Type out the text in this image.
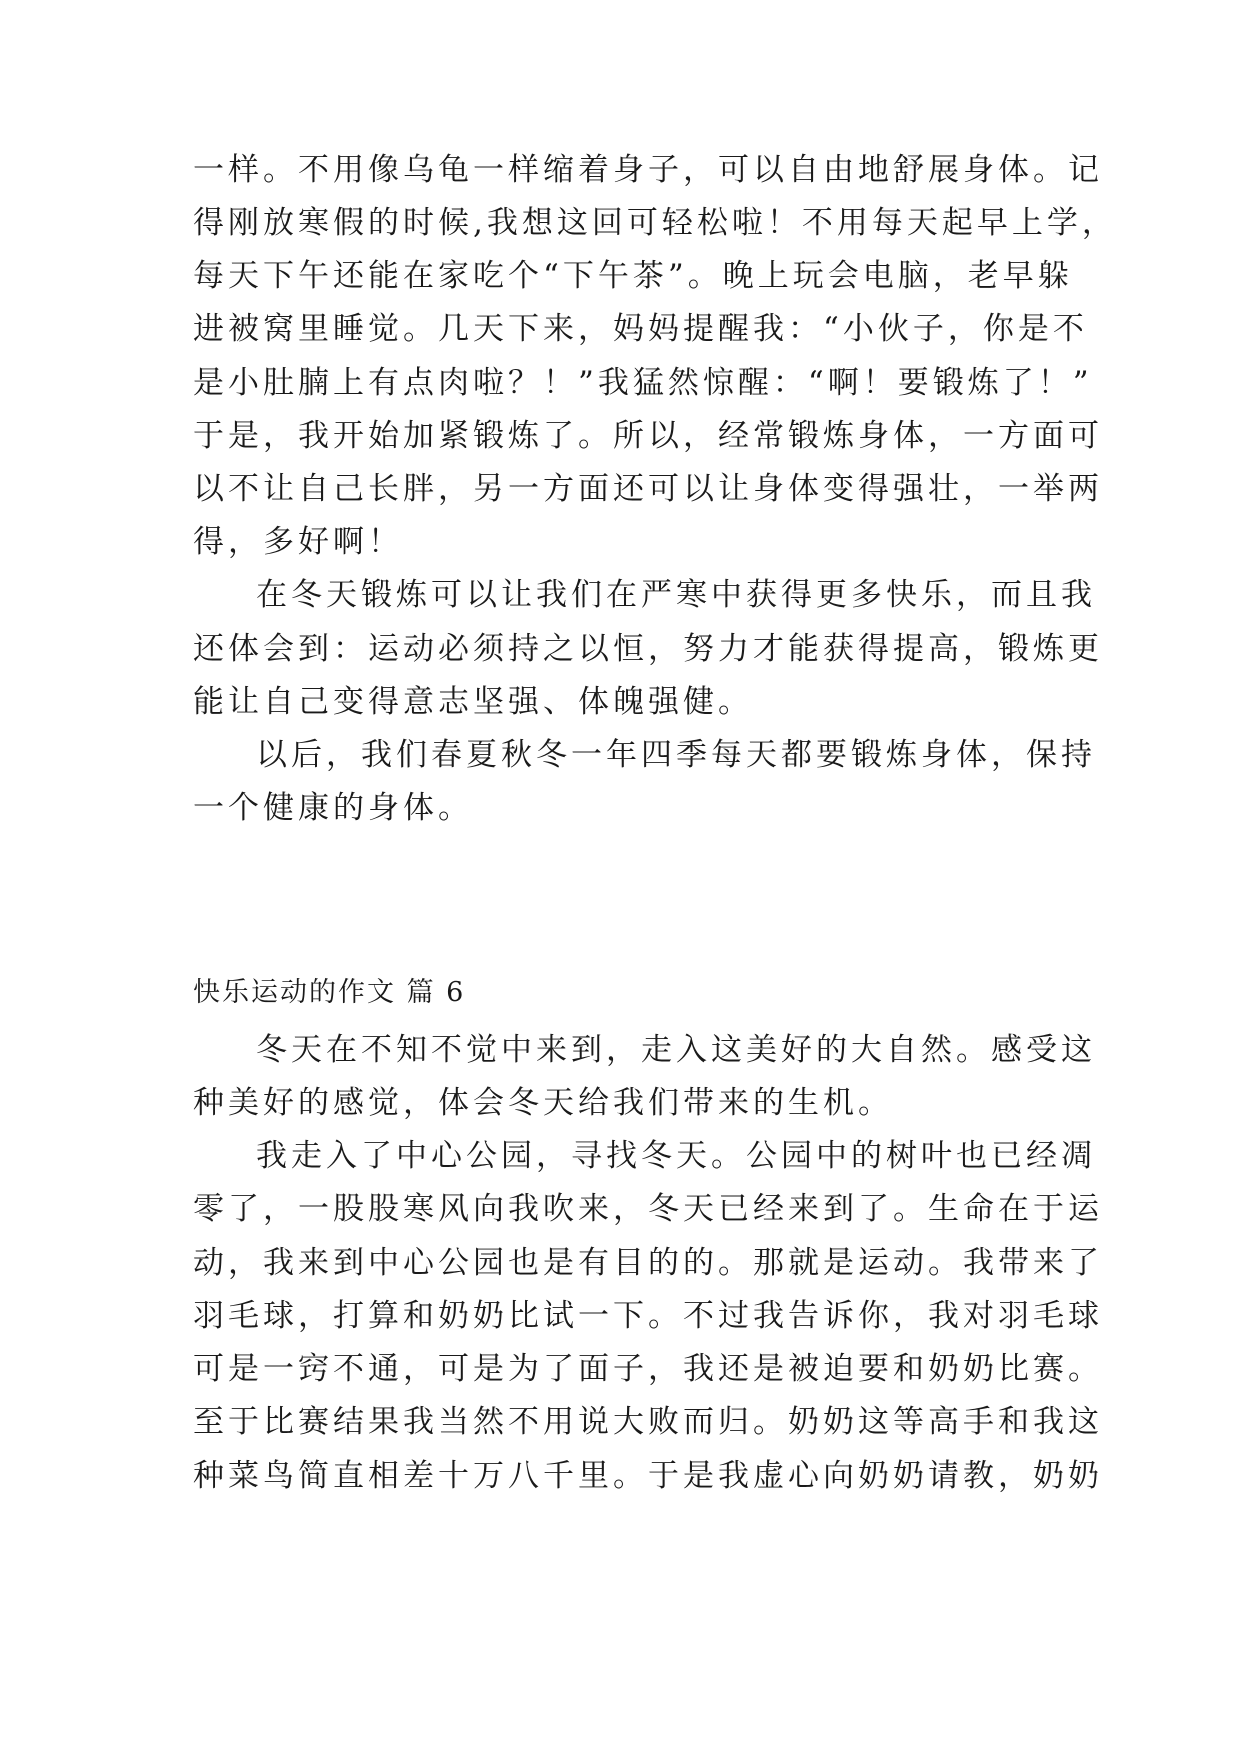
一样。不用像乌龟一样缩着身子，可以自由地舒展身体。记
得刚放寒假的时候,我想这回可轻松啦！不用每天起早上学，
每天下午还能在家吃个“下午茶”。晚上玩会电脑，老早躲
进被窝里睡觉。几天下来，妈妈提醒我：“小伙子，你是不
是小肚腩上有点肉啦？！”我猛然惊醒：“啊！要锻炼了！”
于是，我开始加紧锻炼了。所以，经常锻炼身体，一方面可
以不让自己长胖，另一方面还可以让身体变得强壮，一举两
得，多好啊！
在冬天锻炼可以让我们在严寒中获得更多快乐，而且我
还体会到：运动必须持之以恒，努力才能获得提高，锻炼更
能让自己变得意志坚强、体魄强健。
以后，我们春夏秋冬一年四季每天都要锻炼身体，保持
一个健康的身体。
快乐运动的作文 篇 6
冬天在不知不觉中来到，走入这美好的大自然。感受这
种美好的感觉，体会冬天给我们带来的生机。
我走入了中心公园，寻找冬天。公园中的树叶也已经凋
零了，一股股寒风向我吹来，冬天已经来到了。生命在于运
动，我来到中心公园也是有目的的。那就是运动。我带来了
羽毛球，打算和奶奶比试一下。不过我告诉你，我对羽毛球
可是一窍不通，可是为了面子，我还是被迫要和奶奶比赛。
至于比赛结果我当然不用说大败而归。奶奶这等高手和我这
种菜鸟简直相差十万八千里。于是我虚心向奶奶请教，奶奶
